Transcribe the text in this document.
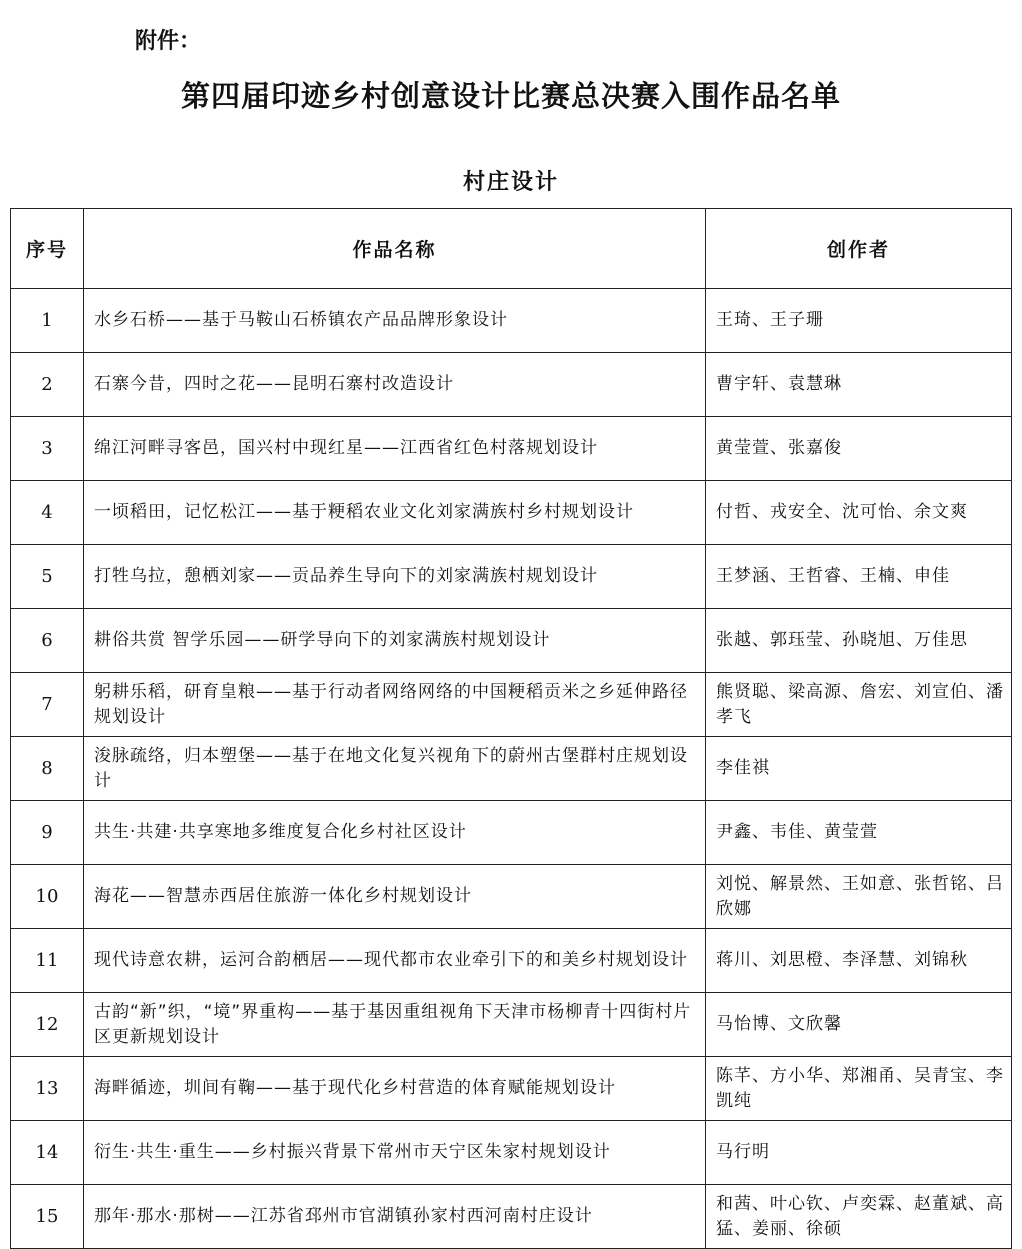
附件：
第四届印迹乡村创意设计比赛总决赛入围作品名单
村庄设计
序号	作品名称	创作者
1	水乡石桥——基于马鞍山石桥镇农产品品牌形象设计	王琦、王子珊
2	石寨今昔，四时之花——昆明石寨村改造设计	曹宇轩、袁慧琳
3	绵江河畔寻客邑，国兴村中现红星——江西省红色村落规划设计	黄莹萱、张嘉俊
4	一顷稻田，记忆松江——基于粳稻农业文化刘家满族村乡村规划设计	付哲、戎安全、沈可怡、余文爽
5	打牲乌拉，憩栖刘家——贡品养生导向下的刘家满族村规划设计	王梦涵、王哲睿、王楠、申佳
6	耕俗共赏 智学乐园——研学导向下的刘家满族村规划设计	张越、郭珏莹、孙晓旭、万佳思
7	躬耕乐稻，研育皇粮——基于行动者网络网络的中国粳稻贡米之乡延伸路径规划设计	熊贤聪、梁高源、詹宏、刘宣伯、潘孝飞
8	浚脉疏络，归本塑堡——基于在地文化复兴视角下的蔚州古堡群村庄规划设计	李佳祺
9	共生·共建·共享寒地多维度复合化乡村社区设计	尹鑫、韦佳、黄莹萱
10	海花——智慧赤西居住旅游一体化乡村规划设计	刘悦、解景然、王如意、张哲铭、吕欣娜
11	现代诗意农耕，运河合韵栖居——现代都市农业牵引下的和美乡村规划设计	蒋川、刘思橙、李泽慧、刘锦秋
12	古韵“新”织，“境”界重构——基于基因重组视角下天津市杨柳青十四街村片区更新规划设计	马怡博、文欣馨
13	海畔循迹，圳间有鞠——基于现代化乡村营造的体育赋能规划设计	陈芊、方小华、郑湘甬、吴青宝、李凯纯
14	衍生·共生·重生——乡村振兴背景下常州市天宁区朱家村规划设计	马行明
15	那年·那水·那树——江苏省邳州市官湖镇孙家村西河南村庄设计	和茜、叶心钦、卢奕霖、赵董斌、高猛、姜丽、徐硕
